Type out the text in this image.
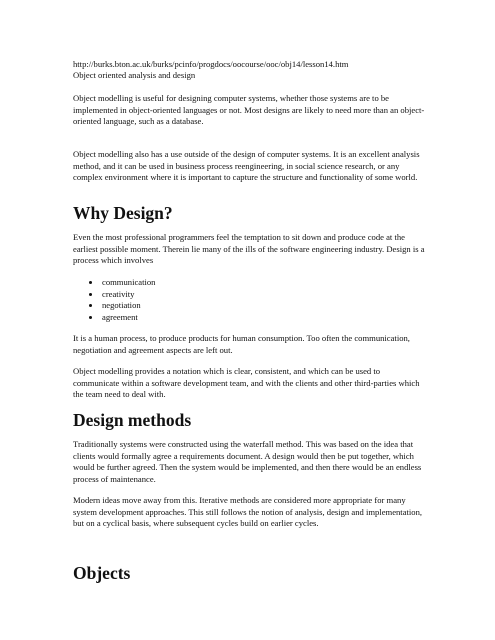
http://burks.bton.ac.uk/burks/pcinfo/progdocs/oocourse/ooc/obj14/lesson14.htm

Object oriented analysis and design

Object modelling is useful for designing computer systems, whether those systems are to be implemented in object-oriented languages or not. Most designs are likely to need more than an object-oriented language, such as a database.

Object modelling also has a use outside of the design of computer systems. It is an excellent analysis method, and it can be used in business process reengineering, in social science research, or any complex environment where it is important to capture the structure and functionality of some world.

Why Design?

Even the most professional programmers feel the temptation to sit down and produce code at the earliest possible moment. Therein lie many of the ills of the software engineering industry. Design is a process which involves

communication
creativity
negotiation
agreement

It is a human process, to produce products for human consumption. Too often the communication, negotiation and agreement aspects are left out.

Object modelling provides a notation which is clear, consistent, and which can be used to communicate within a software development team, and with the clients and other third-parties which the team need to deal with.

Design methods

Traditionally systems were constructed using the waterfall method. This was based on the idea that clients would formally agree a requirements document. A design would then be put together, which would be further agreed. Then the system would be implemented, and then there would be an endless process of maintenance.

Modern ideas move away from this. Iterative methods are considered more appropriate for many system development approaches. This still follows the notion of analysis, design and implementation, but on a cyclical basis, where subsequent cycles build on earlier cycles.

Objects
